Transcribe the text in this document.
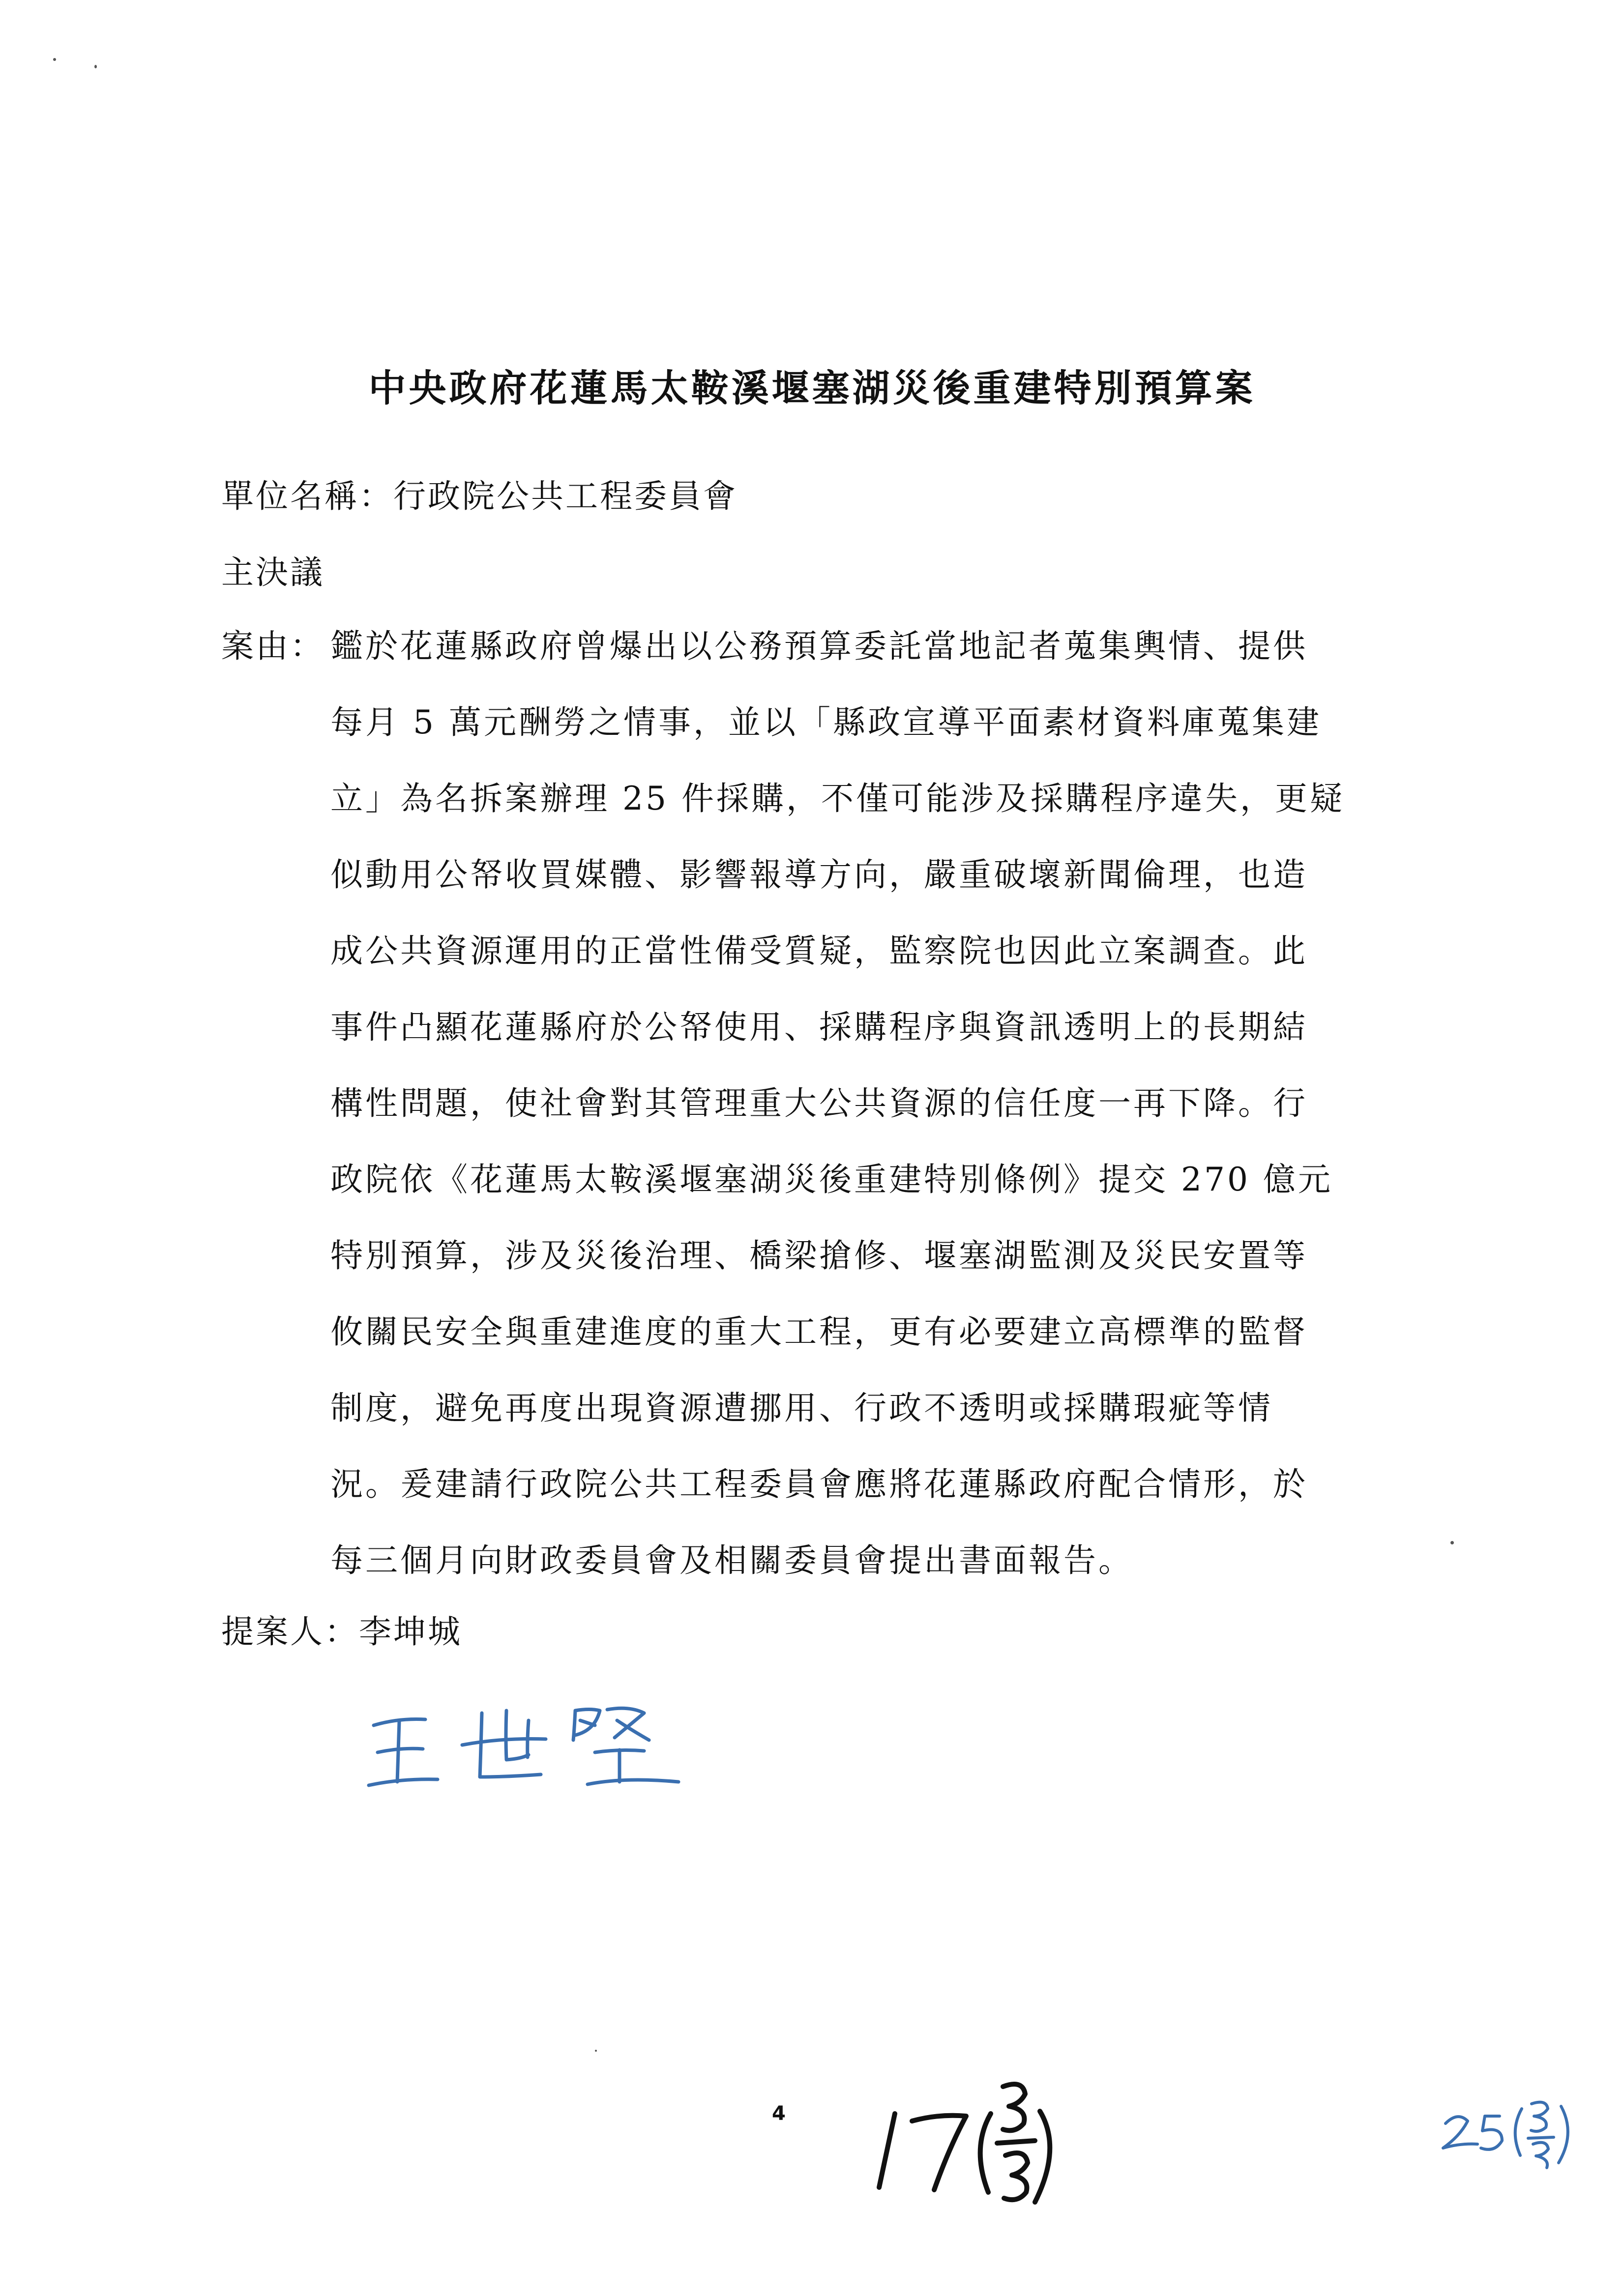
中央政府花蓮馬太鞍溪堰塞湖災後重建特別預算案
單位名稱：行政院公共工程委員會
主決議
案由： 鑑於花蓮縣政府曾爆出以公務預算委託當地記者蒐集輿情、提供
每月 5 萬元酬勞之情事，並以「縣政宣導平面素材資料庫蒐集建
立」為名拆案辦理 25 件採購，不僅可能涉及採購程序違失，更疑
似動用公帑收買媒體、影響報導方向，嚴重破壞新聞倫理，也造
成公共資源運用的正當性備受質疑，監察院也因此立案調查。此
事件凸顯花蓮縣府於公帑使用、採購程序與資訊透明上的長期結
構性問題，使社會對其管理重大公共資源的信任度一再下降。行
政院依《花蓮馬太鞍溪堰塞湖災後重建特別條例》提交 270 億元
特別預算，涉及災後治理、橋梁搶修、堰塞湖監測及災民安置等
攸關民安全與重建進度的重大工程，更有必要建立高標準的監督
制度，避免再度出現資源遭挪用、行政不透明或採購瑕疵等情
況。爰建請行政院公共工程委員會應將花蓮縣政府配合情形，於
每三個月向財政委員會及相關委員會提出書面報告。
提案人：李坤城
4
